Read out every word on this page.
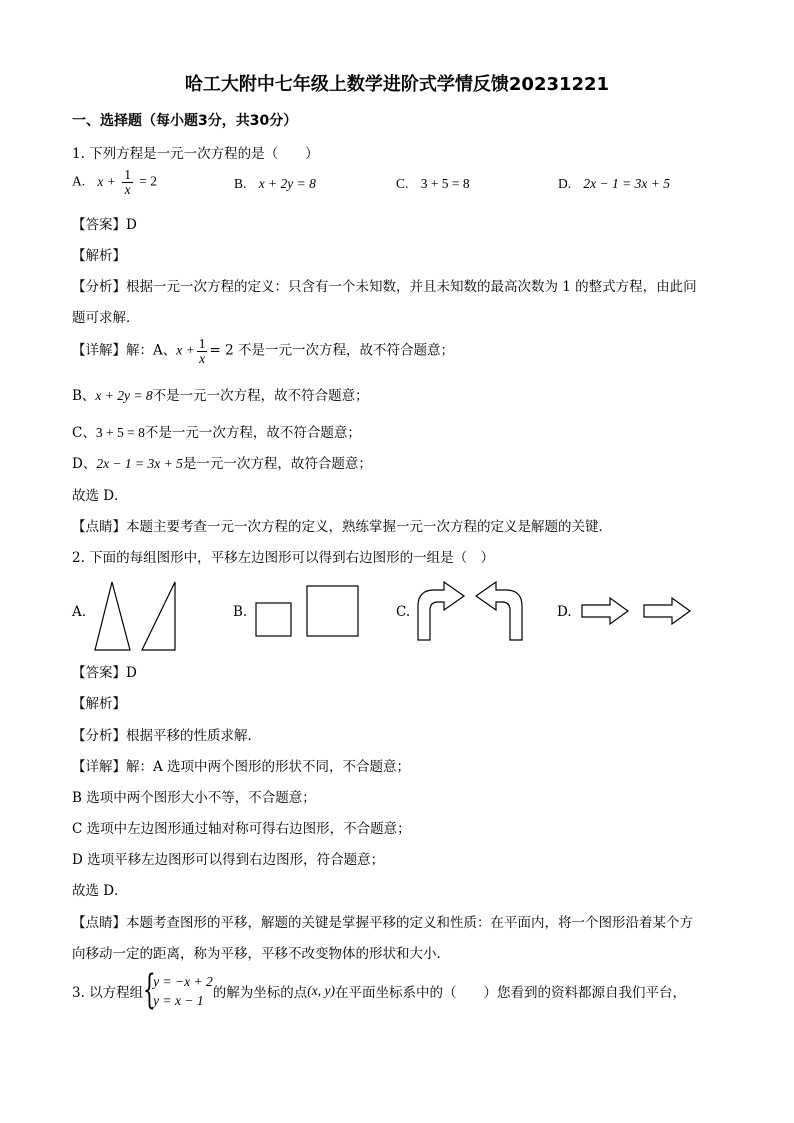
哈工大附中七年级上数学进阶式学情反馈20231221
一、选择题（每小题3分，共30分）
1. 下列方程是一元一次方程的是（　　）
A. $x + \frac{1}{x} = 2$	B. x + 2y = 8	C. 3 + 5 = 8	D. 2x − 1 = 3x + 5
【答案】D
【解析】
【分析】根据一元一次方程的定义：只含有一个未知数，并且未知数的最高次数为 1 的整式方程，由此问
题可求解．
【详解】解：A、$x + \frac{1}{x} = 2$ 不是一元一次方程，故不符合题意；
B、x + 2y = 8不是一元一次方程，故不符合题意；
C、3 + 5 = 8不是一元一次方程，故不符合题意；
D、2x − 1 = 3x + 5是一元一次方程，故符合题意；
故选 D．
【点睛】本题主要考查一元一次方程的定义，熟练掌握一元一次方程的定义是解题的关键．
2. 下面的每组图形中，平移左边图形可以得到右边图形的一组是（　）
A.	B.	C.	D.
【答案】D
【解析】
【分析】根据平移的性质求解．
【详解】解：A 选项中两个图形的形状不同，不合题意；
B 选项中两个图形大小不等，不合题意；
C 选项中左边图形通过轴对称可得右边图形，不合题意；
D 选项平移左边图形可以得到右边图形，符合题意；
故选 D．
【点睛】本题考查图形的平移，解题的关键是掌握平移的定义和性质：在平面内，将一个图形沿着某个方
向移动一定的距离，称为平移，平移不改变物体的形状和大小．
3. 以方程组 {
y = −x + 2
y = x − 1 的解为坐标的点(x, y)在平面坐标系中的（　　）您看到的资料都源自我们平台，
